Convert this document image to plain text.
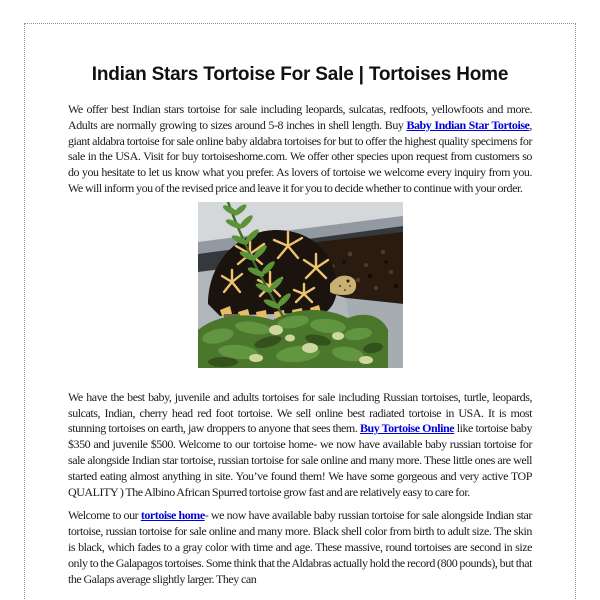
Indian Stars Tortoise For Sale | Tortoises Home

We offer best Indian stars tortoise for sale including leopards, sulcatas, redfoots, yellowfoots and more. Adults are normally growing to sizes around 5-8 inches in shell length. Buy Baby Indian Star Tortoise, giant aldabra tortoise for sale online baby aldabra tortoises for but to offer the highest quality specimens for sale in the USA. Visit for buy tortoiseshome.com. We offer other species upon request from customers so do you hesitate to let us know what you prefer. As lovers of tortoise we welcome every inquiry from you. We will inform you of the revised price and leave it for you to decide whether to continue with your order.

We have the best baby, juvenile and adults tortoises for sale including Russian tortoises, turtle, leopards, sulcats, Indian, cherry head red foot tortoise. We sell online best radiated tortoise in USA. It is most stunning tortoises on earth, jaw droppers to anyone that sees them. Buy Tortoise Online like tortoise baby $350 and juvenile $500. Welcome to our tortoise home- we now have available baby russian tortoise for sale alongside Indian star tortoise, russian tortoise for sale online and many more. These little ones are well started eating almost anything in site. You’ve found them! We have some gorgeous and very active TOP QUALITY ) The Albino African Spurred tortoise grow fast and are relatively easy to care for.

Welcome to our tortoise home- we now have available baby russian tortoise for sale alongside Indian star tortoise, russian tortoise for sale online and many more. Black shell color from birth to adult size. The skin is black, which fades to a gray color with time and age. These massive, round tortoises are second in size only to the Galapagos tortoises. Some think that the Aldabras actually hold the record (800 pounds), but that the Galaps average slightly larger. They can
